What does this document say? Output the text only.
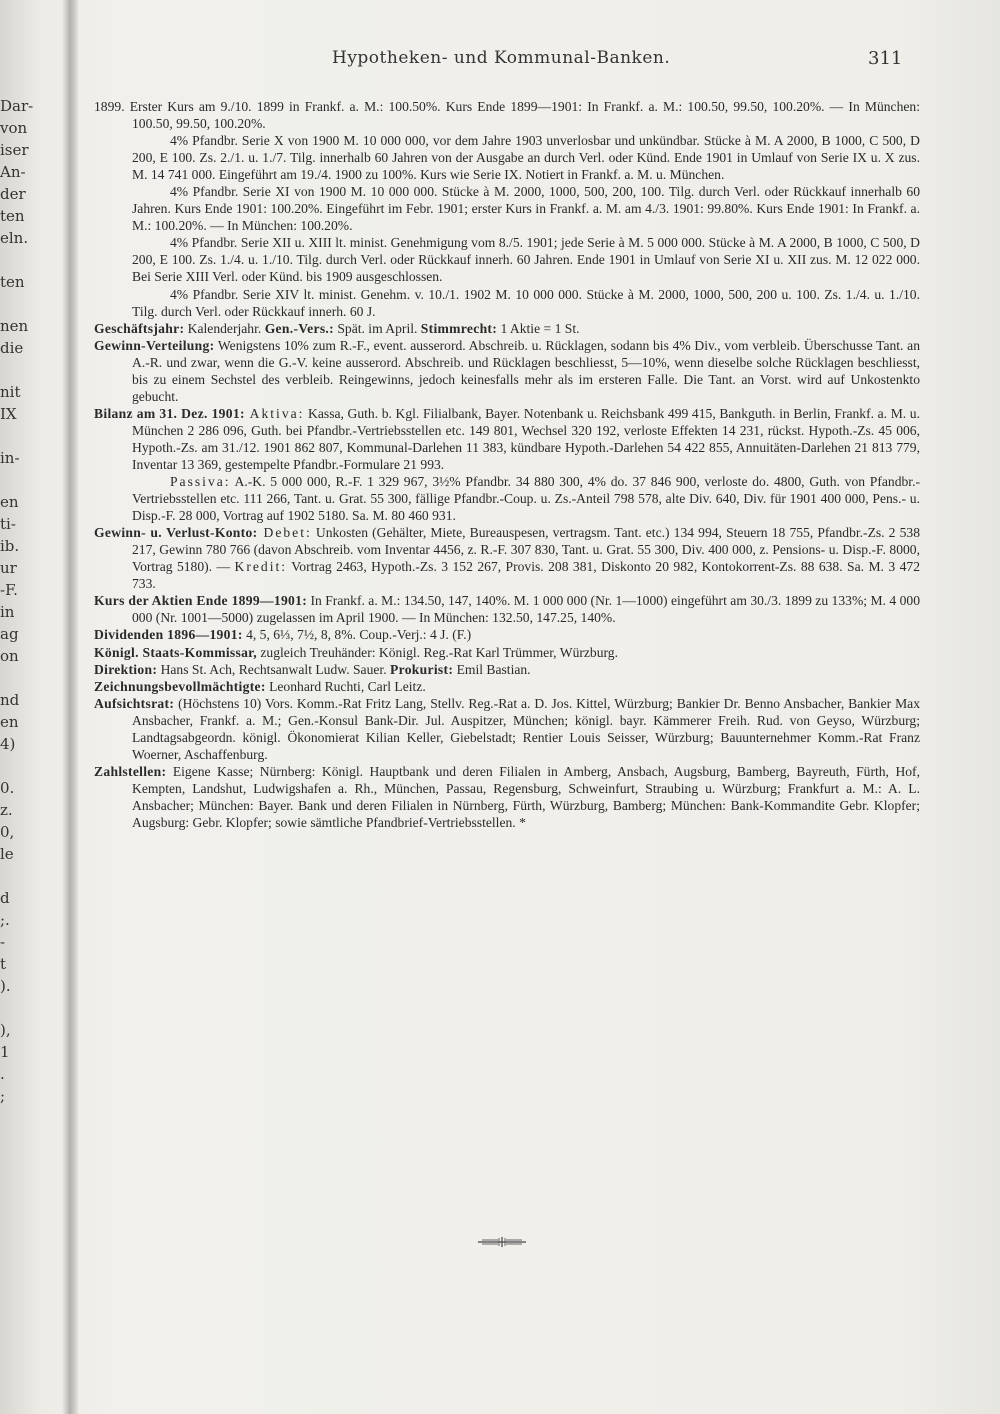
Dar-
von
iser
An-
der
ten
eln.

ten

nen
die

nit
IX

in-

en
ti-
ib.
ur
-F.
in
ag
on

nd
en
4)

0.
z.
0,
le

d
;.
-
t
).

),
1
.
;
Hypotheken- und Kommunal-Banken.	311

1899. Erster Kurs am 9./10. 1899 in Frankf. a. M.: 100.50%. Kurs Ende 1899—1901: In Frankf. a. M.: 100.50, 99.50, 100.20%. — In München: 100.50, 99.50, 100.20%.

4% Pfandbr. Serie X von 1900 M. 10 000 000, vor dem Jahre 1903 unverlosbar und unkündbar. Stücke à M. A 2000, B 1000, C 500, D 200, E 100. Zs. 2./1. u. 1./7. Tilg. innerhalb 60 Jahren von der Ausgabe an durch Verl. oder Künd. Ende 1901 in Umlauf von Serie IX u. X zus. M. 14 741 000. Eingeführt am 19./4. 1900 zu 100%. Kurs wie Serie IX. Notiert in Frankf. a. M. u. München.

4% Pfandbr. Serie XI von 1900 M. 10 000 000. Stücke à M. 2000, 1000, 500, 200, 100. Tilg. durch Verl. oder Rückkauf innerhalb 60 Jahren. Kurs Ende 1901: 100.20%. Eingeführt im Febr. 1901; erster Kurs in Frankf. a. M. am 4./3. 1901: 99.80%. Kurs Ende 1901: In Frankf. a. M.: 100.20%. — In München: 100.20%.

4% Pfandbr. Serie XII u. XIII lt. minist. Genehmigung vom 8./5. 1901; jede Serie à M. 5 000 000. Stücke à M. A 2000, B 1000, C 500, D 200, E 100. Zs. 1./4. u. 1./10. Tilg. durch Verl. oder Rückkauf innerh. 60 Jahren. Ende 1901 in Umlauf von Serie XI u. XII zus. M. 12 022 000. Bei Serie XIII Verl. oder Künd. bis 1909 ausgeschlossen.

4% Pfandbr. Serie XIV lt. minist. Genehm. v. 10./1. 1902 M. 10 000 000. Stücke à M. 2000, 1000, 500, 200 u. 100. Zs. 1./4. u. 1./10. Tilg. durch Verl. oder Rückkauf innerh. 60 J.

Geschäftsjahr: Kalenderjahr. Gen.-Vers.: Spät. im April. Stimmrecht: 1 Aktie = 1 St.

Gewinn-Verteilung: Wenigstens 10% zum R.-F., event. ausserord. Abschreib. u. Rücklagen, sodann bis 4% Div., vom verbleib. Überschusse Tant. an A.-R. und zwar, wenn die G.-V. keine ausserord. Abschreib. und Rücklagen beschliesst, 5—10%, wenn dieselbe solche Rücklagen beschliesst, bis zu einem Sechstel des verbleib. Reingewinns, jedoch keinesfalls mehr als im ersteren Falle. Die Tant. an Vorst. wird auf Unkostenkto gebucht.

Bilanz am 31. Dez. 1901: Aktiva: Kassa, Guth. b. Kgl. Filialbank, Bayer. Notenbank u. Reichsbank 499 415, Bankguth. in Berlin, Frankf. a. M. u. München 2 286 096, Guth. bei Pfandbr.-Vertriebsstellen etc. 149 801, Wechsel 320 192, verloste Effekten 14 231, rückst. Hypoth.-Zs. 45 006, Hypoth.-Zs. am 31./12. 1901 862 807, Kommunal-Darlehen 11 383, kündbare Hypoth.-Darlehen 54 422 855, Annuitäten-Darlehen 21 813 779, Inventar 13 369, gestempelte Pfandbr.-Formulare 21 993.

Passiva: A.-K. 5 000 000, R.-F. 1 329 967, 3½% Pfandbr. 34 880 300, 4% do. 37 846 900, verloste do. 4800, Guth. von Pfandbr.-Vertriebsstellen etc. 111 266, Tant. u. Grat. 55 300, fällige Pfandbr.-Coup. u. Zs.-Anteil 798 578, alte Div. 640, Div. für 1901 400 000, Pens.- u. Disp.-F. 28 000, Vortrag auf 1902 5180. Sa. M. 80 460 931.

Gewinn- u. Verlust-Konto: Debet: Unkosten (Gehälter, Miete, Bureauspesen, vertragsm. Tant. etc.) 134 994, Steuern 18 755, Pfandbr.-Zs. 2 538 217, Gewinn 780 766 (davon Abschreib. vom Inventar 4456, z. R.-F. 307 830, Tant. u. Grat. 55 300, Div. 400 000, z. Pensions- u. Disp.-F. 8000, Vortrag 5180). — Kredit: Vortrag 2463, Hypoth.-Zs. 3 152 267, Provis. 208 381, Diskonto 20 982, Kontokorrent-Zs. 88 638. Sa. M. 3 472 733.

Kurs der Aktien Ende 1899—1901: In Frankf. a. M.: 134.50, 147, 140%. M. 1 000 000 (Nr. 1—1000) eingeführt am 30./3. 1899 zu 133%; M. 4 000 000 (Nr. 1001—5000) zugelassen im April 1900. — In München: 132.50, 147.25, 140%.

Dividenden 1896—1901: 4, 5, 6⅓, 7½, 8, 8%. Coup.-Verj.: 4 J. (F.)

Königl. Staats-Kommissar, zugleich Treuhänder: Königl. Reg.-Rat Karl Trümmer, Würzburg.

Direktion: Hans St. Ach, Rechtsanwalt Ludw. Sauer. Prokurist: Emil Bastian.

Zeichnungsbevollmächtigte: Leonhard Ruchti, Carl Leitz.

Aufsichtsrat: (Höchstens 10) Vors. Komm.-Rat Fritz Lang, Stellv. Reg.-Rat a. D. Jos. Kittel, Würzburg; Bankier Dr. Benno Ansbacher, Bankier Max Ansbacher, Frankf. a. M.; Gen.-Konsul Bank-Dir. Jul. Auspitzer, München; königl. bayr. Kämmerer Freih. Rud. von Geyso, Würzburg; Landtagsabgeordn. königl. Ökonomierat Kilian Keller, Giebelstadt; Rentier Louis Seisser, Würzburg; Bauunternehmer Komm.-Rat Franz Woerner, Aschaffenburg.

Zahlstellen: Eigene Kasse; Nürnberg: Königl. Hauptbank und deren Filialen in Amberg, Ansbach, Augsburg, Bamberg, Bayreuth, Fürth, Hof, Kempten, Landshut, Ludwigshafen a. Rh., München, Passau, Regensburg, Schweinfurt, Straubing u. Würzburg; Frankfurt a. M.: A. L. Ansbacher; München: Bayer. Bank und deren Filialen in Nürnberg, Fürth, Würzburg, Bamberg; München: Bank-Kommandite Gebr. Klopfer; Augsburg: Gebr. Klopfer; sowie sämtliche Pfandbrief-Vertriebsstellen. *
